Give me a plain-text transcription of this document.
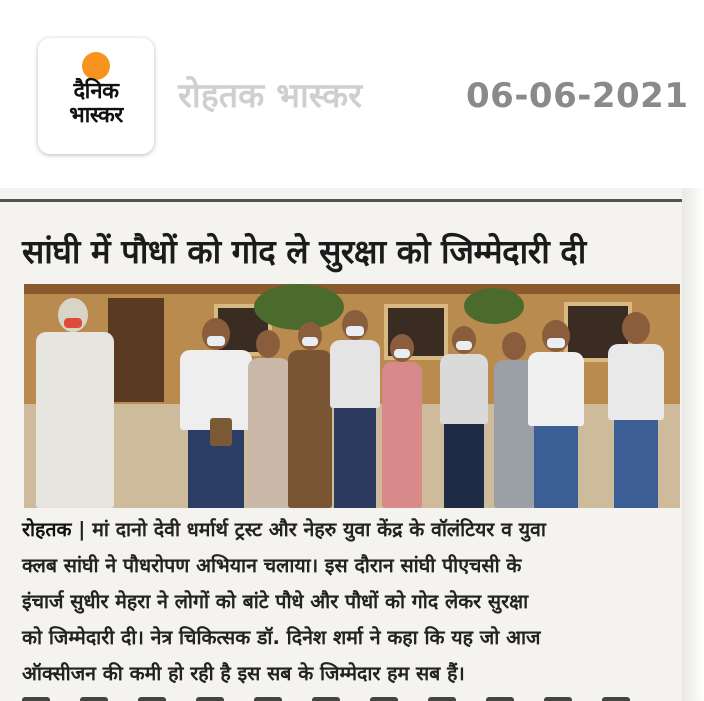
दैनिक
भास्कर रोहतक भास्कर	06-06-2021
सांघी में पौधों को गोद ले सुरक्षा को जिम्मेदारी दी

रोहतक | मां दानो देवी धर्मार्थ ट्रस्ट और नेहरु युवा केंद्र के वॉलंटियर व युवा

क्लब सांघी ने पौधरोपण अभियान चलाया। इस दौरान सांघी पीएचसी के

इंचार्ज सुधीर मेहरा ने लोगों को बांटे पौधे और पौधों को गोद लेकर सुरक्षा

को जिम्मेदारी दी। नेत्र चिकित्सक डॉ. दिनेश शर्मा ने कहा कि यह जो आज

ऑक्सीजन की कमी हो रही है इस सब के जिम्मेदार हम सब हैं।
